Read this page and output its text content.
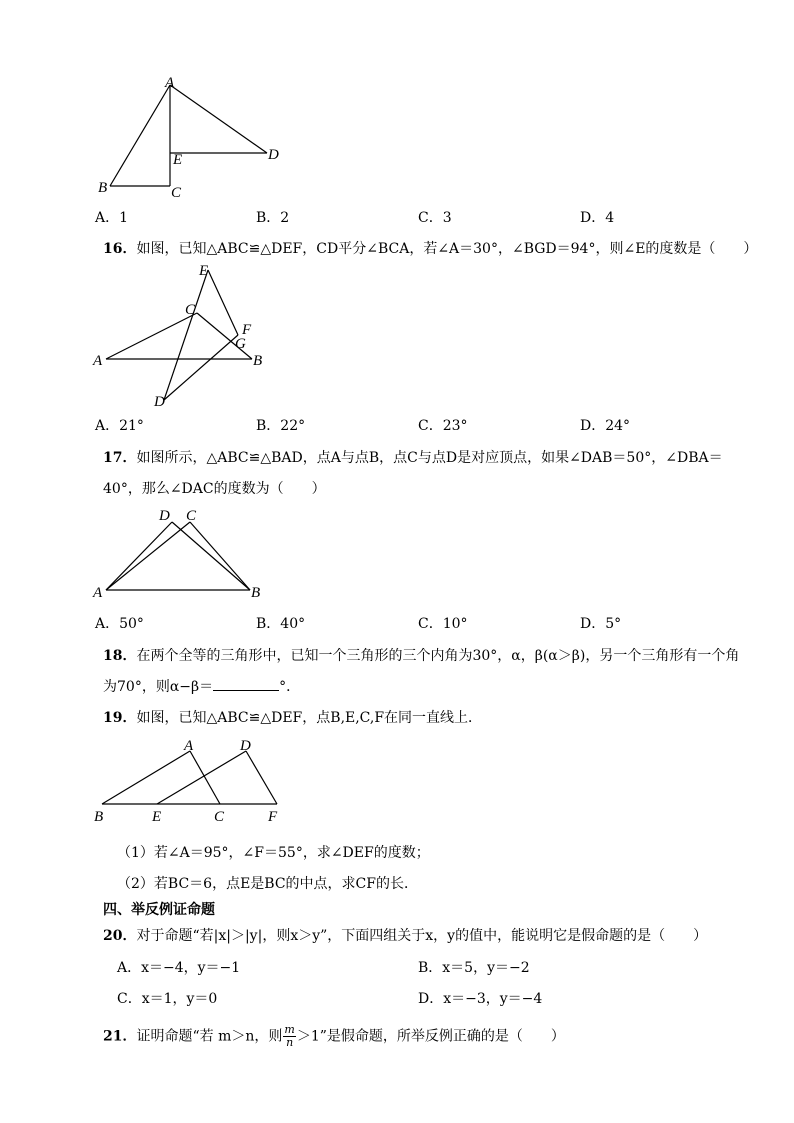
A
B	C
D
E
A．1	B．2	C．3	D．4
16．如图，已知△ABC≌△DEF，CD平分∠BCA，若∠A＝30°，∠BGD＝94°，则∠E的度数是（　　）
A	B
C
D
E
F
G
A．21°	B．22°	C．23°	D．24°
17．如图所示，△ABC≌△BAD，点A与点B，点C与点D是对应顶点，如果∠DAB＝50°，∠DBA＝
40°，那么∠DAC的度数为（　　）
A	B
C
D
A．50°	B．40°	C．10°	D．5°
18．在两个全等的三角形中，已知一个三角形的三个内角为30°，α，β(α＞β)，另一个三角形有一个角
为70°，则α−β＝	°．
19．如图，已知△ABC≌△DEF，点B,E,C,F在同一直线上．
B	E	C	F
A	D
（1）若∠A＝95°，∠F＝55°，求∠DEF的度数；
（2）若BC＝6，点E是BC的中点，求CF的长．
四、举反例证命题
20．对于命题“若|x|＞|y|，则x＞y”，下面四组关于x，y的值中，能说明它是假命题的是（　　）
A．x＝−4，y＝−1	B．x＝5，y＝−2
C．x＝1，y＝0	D．x＝−3，y＝−4
21．证明命题“若 m＞n，则 $\frac{m}{n} >1$”是假命题，所举反例正确的是（　　）
